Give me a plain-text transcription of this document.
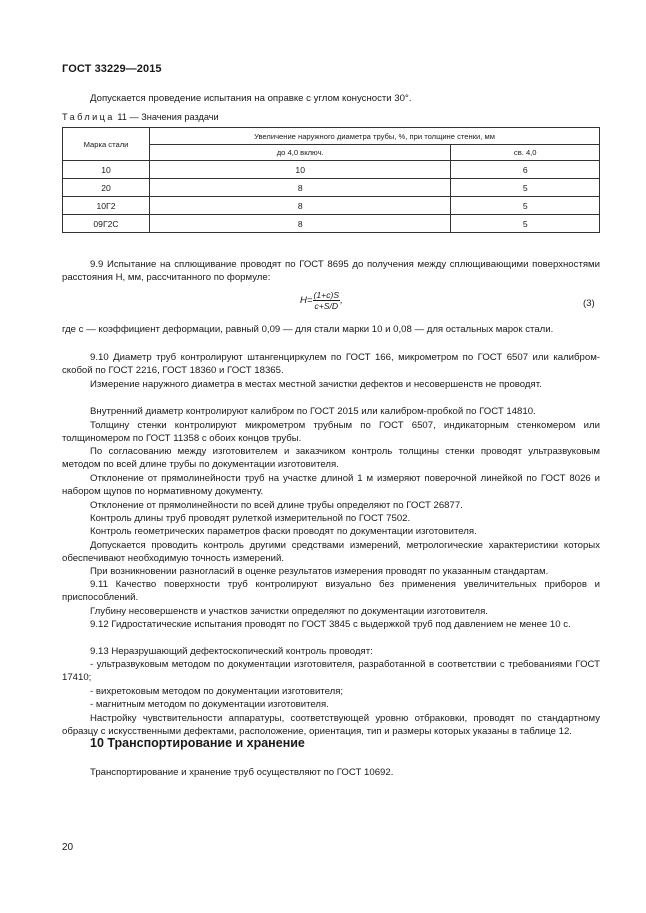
ГОСТ 33229—2015
Допускается проведение испытания на оправке с углом конусности 30°.
Таблица 11 — Значения раздачи
Марка стали	Увеличение наружного диаметра трубы, %, при толщине стенки, мм	
	до 4,0 включ.	св. 4,0
10	10	6
20	8	5
10Г2	8	5
09Г2С	8	5
9.9 Испытание на сплющивание проводят по ГОСТ 8695 до получения между сплющивающими поверхностями расстояния H, мм, рассчитанного по формуле:
$H= \frac{(1+c)S}{c+S/D}$ ,	(3)
где с — коэффициент деформации, равный 0,09 — для стали марки 10 и 0,08 — для остальных марок стали.
9.10 Диаметр труб контролируют штангенциркулем по ГОСТ 166, микрометром по ГОСТ 6507 или калибром-скобой по ГОСТ 2216, ГОСТ 18360 и ГОСТ 18365.
Измерение наружного диаметра в местах местной зачистки дефектов и несовершенств не проводят.
Внутренний диаметр контролируют калибром по ГОСТ 2015 или калибром-пробкой по ГОСТ 14810.
Толщину стенки контролируют микрометром трубным по ГОСТ 6507, индикаторным стенкомером или толщиномером по ГОСТ 11358 с обоих концов трубы.
По согласованию между изготовителем и заказчиком контроль толщины стенки проводят ультразвуковым методом по всей длине трубы по документации изготовителя.
Отклонение от прямолинейности труб на участке длиной 1 м измеряют поверочной линейкой по ГОСТ 8026 и набором щупов по нормативному документу.
Отклонение от прямолинейности по всей длине трубы определяют по ГОСТ 26877.
Контроль длины труб проводят рулеткой измерительной по ГОСТ 7502.
Контроль геометрических параметров фаски проводят по документации изготовителя.
Допускается проводить контроль другими средствами измерений, метрологические характеристики которых обеспечивают необходимую точность измерений.
При возникновении разногласий в оценке результатов измерения проводят по указанным стандартам.
9.11 Качество поверхности труб контролируют визуально без применения увеличительных приборов и приспособлений.
Глубину несовершенств и участков зачистки определяют по документации изготовителя.
9.12 Гидростатические испытания проводят по ГОСТ 3845 с выдержкой труб под давлением не менее 10 с.
9.13 Неразрушающий дефектоскопический контроль проводят:
- ультразвуковым методом по документации изготовителя, разработанной в соответствии с требованиями ГОСТ 17410;
- вихретоковым методом по документации изготовителя;
- магнитным методом по документации изготовителя.
Настройку чувствительности аппаратуры, соответствующей уровню отбраковки, проводят по стандартному образцу с искусственными дефектами, расположение, ориентация, тип и размеры которых указаны в таблице 12.
10 Транспортирование и хранение
Транспортирование и хранение труб осуществляют по ГОСТ 10692.
20
